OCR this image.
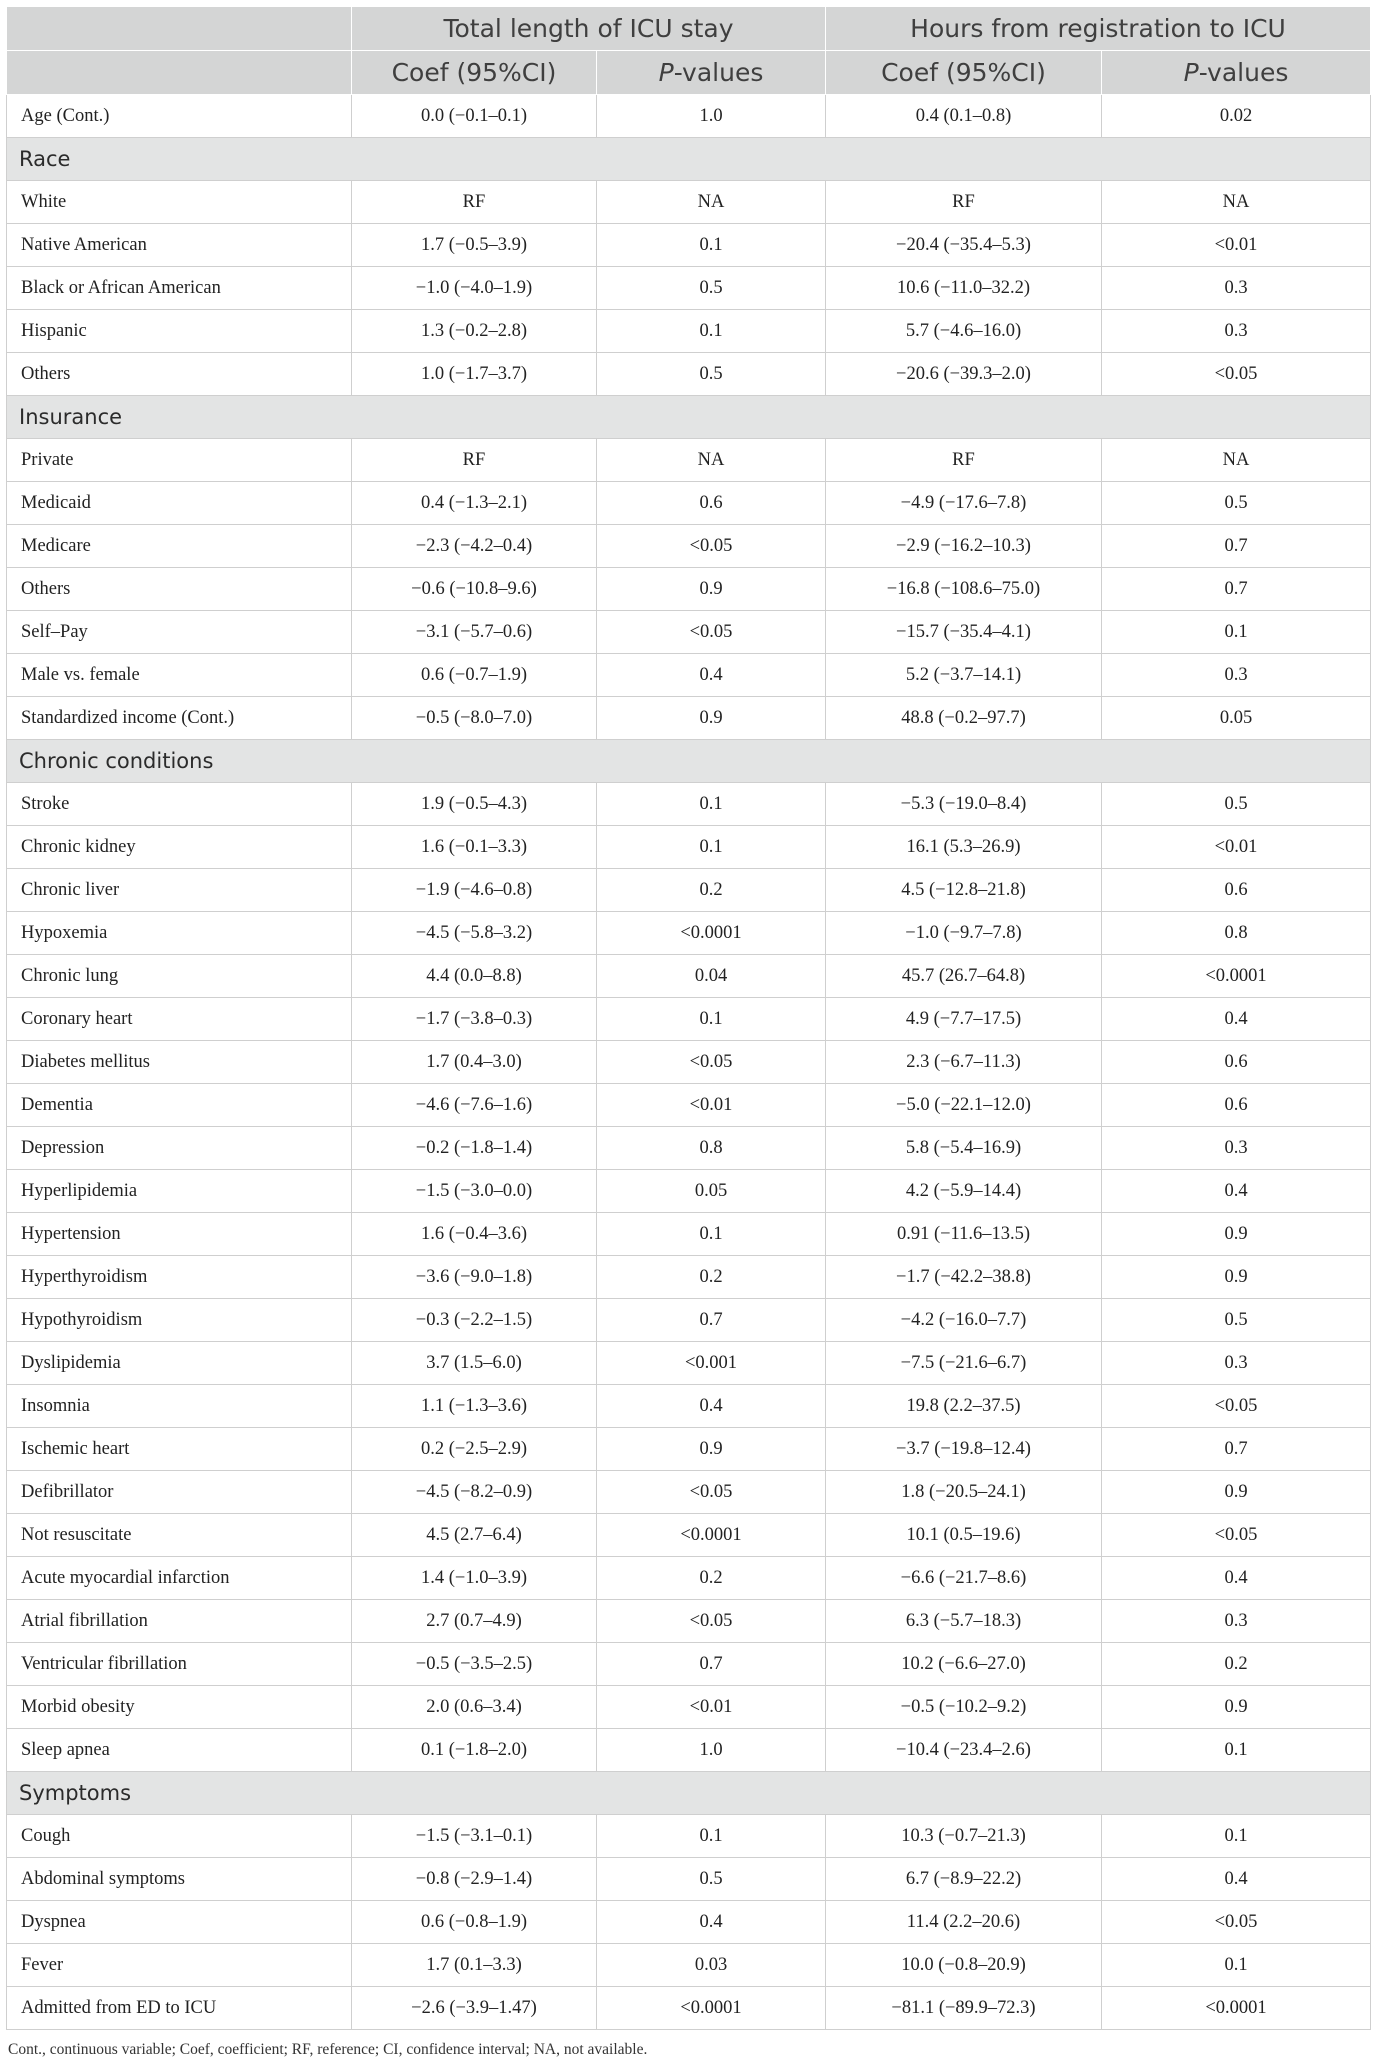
	Total length of ICU stay		Hours from registration to ICU	
	Coef (95%CI)	P-values	Coef (95%CI)	P-values
Age (Cont.)	0.0 (−0.1–0.1)	1.0	0.4 (0.1–0.8)	0.02
Race				
White	RF	NA	RF	NA
Native American	1.7 (−0.5–3.9)	0.1	−20.4 (−35.4–5.3)	<0.01
Black or African American	−1.0 (−4.0–1.9)	0.5	10.6 (−11.0–32.2)	0.3
Hispanic	1.3 (−0.2–2.8)	0.1	5.7 (−4.6–16.0)	0.3
Others	1.0 (−1.7–3.7)	0.5	−20.6 (−39.3–2.0)	<0.05
Insurance				
Private	RF	NA	RF	NA
Medicaid	0.4 (−1.3–2.1)	0.6	−4.9 (−17.6–7.8)	0.5
Medicare	−2.3 (−4.2–0.4)	<0.05	−2.9 (−16.2–10.3)	0.7
Others	−0.6 (−10.8–9.6)	0.9	−16.8 (−108.6–75.0)	0.7
Self–Pay	−3.1 (−5.7–0.6)	<0.05	−15.7 (−35.4–4.1)	0.1
Male vs. female	0.6 (−0.7–1.9)	0.4	5.2 (−3.7–14.1)	0.3
Standardized income (Cont.)	−0.5 (−8.0–7.0)	0.9	48.8 (−0.2–97.7)	0.05
Chronic conditions				
Stroke	1.9 (−0.5–4.3)	0.1	−5.3 (−19.0–8.4)	0.5
Chronic kidney	1.6 (−0.1–3.3)	0.1	16.1 (5.3–26.9)	<0.01
Chronic liver	−1.9 (−4.6–0.8)	0.2	4.5 (−12.8–21.8)	0.6
Hypoxemia	−4.5 (−5.8–3.2)	<0.0001	−1.0 (−9.7–7.8)	0.8
Chronic lung	4.4 (0.0–8.8)	0.04	45.7 (26.7–64.8)	<0.0001
Coronary heart	−1.7 (−3.8–0.3)	0.1	4.9 (−7.7–17.5)	0.4
Diabetes mellitus	1.7 (0.4–3.0)	<0.05	2.3 (−6.7–11.3)	0.6
Dementia	−4.6 (−7.6–1.6)	<0.01	−5.0 (−22.1–12.0)	0.6
Depression	−0.2 (−1.8–1.4)	0.8	5.8 (−5.4–16.9)	0.3
Hyperlipidemia	−1.5 (−3.0–0.0)	0.05	4.2 (−5.9–14.4)	0.4
Hypertension	1.6 (−0.4–3.6)	0.1	0.91 (−11.6–13.5)	0.9
Hyperthyroidism	−3.6 (−9.0–1.8)	0.2	−1.7 (−42.2–38.8)	0.9
Hypothyroidism	−0.3 (−2.2–1.5)	0.7	−4.2 (−16.0–7.7)	0.5
Dyslipidemia	3.7 (1.5–6.0)	<0.001	−7.5 (−21.6–6.7)	0.3
Insomnia	1.1 (−1.3–3.6)	0.4	19.8 (2.2–37.5)	<0.05
Ischemic heart	0.2 (−2.5–2.9)	0.9	−3.7 (−19.8–12.4)	0.7
Defibrillator	−4.5 (−8.2–0.9)	<0.05	1.8 (−20.5–24.1)	0.9
Not resuscitate	4.5 (2.7–6.4)	<0.0001	10.1 (0.5–19.6)	<0.05
Acute myocardial infarction	1.4 (−1.0–3.9)	0.2	−6.6 (−21.7–8.6)	0.4
Atrial fibrillation	2.7 (0.7–4.9)	<0.05	6.3 (−5.7–18.3)	0.3
Ventricular fibrillation	−0.5 (−3.5–2.5)	0.7	10.2 (−6.6–27.0)	0.2
Morbid obesity	2.0 (0.6–3.4)	<0.01	−0.5 (−10.2–9.2)	0.9
Sleep apnea	0.1 (−1.8–2.0)	1.0	−10.4 (−23.4–2.6)	0.1
Symptoms				
Cough	−1.5 (−3.1–0.1)	0.1	10.3 (−0.7–21.3)	0.1
Abdominal symptoms	−0.8 (−2.9–1.4)	0.5	6.7 (−8.9–22.2)	0.4
Dyspnea	0.6 (−0.8–1.9)	0.4	11.4 (2.2–20.6)	<0.05
Fever	1.7 (0.1–3.3)	0.03	10.0 (−0.8–20.9)	0.1
Admitted from ED to ICU	−2.6 (−3.9–1.47)	<0.0001	−81.1 (−89.9–72.3)	<0.0001
Cont., continuous variable; Coef, coefficient; RF, reference; CI, confidence interval; NA, not available.
